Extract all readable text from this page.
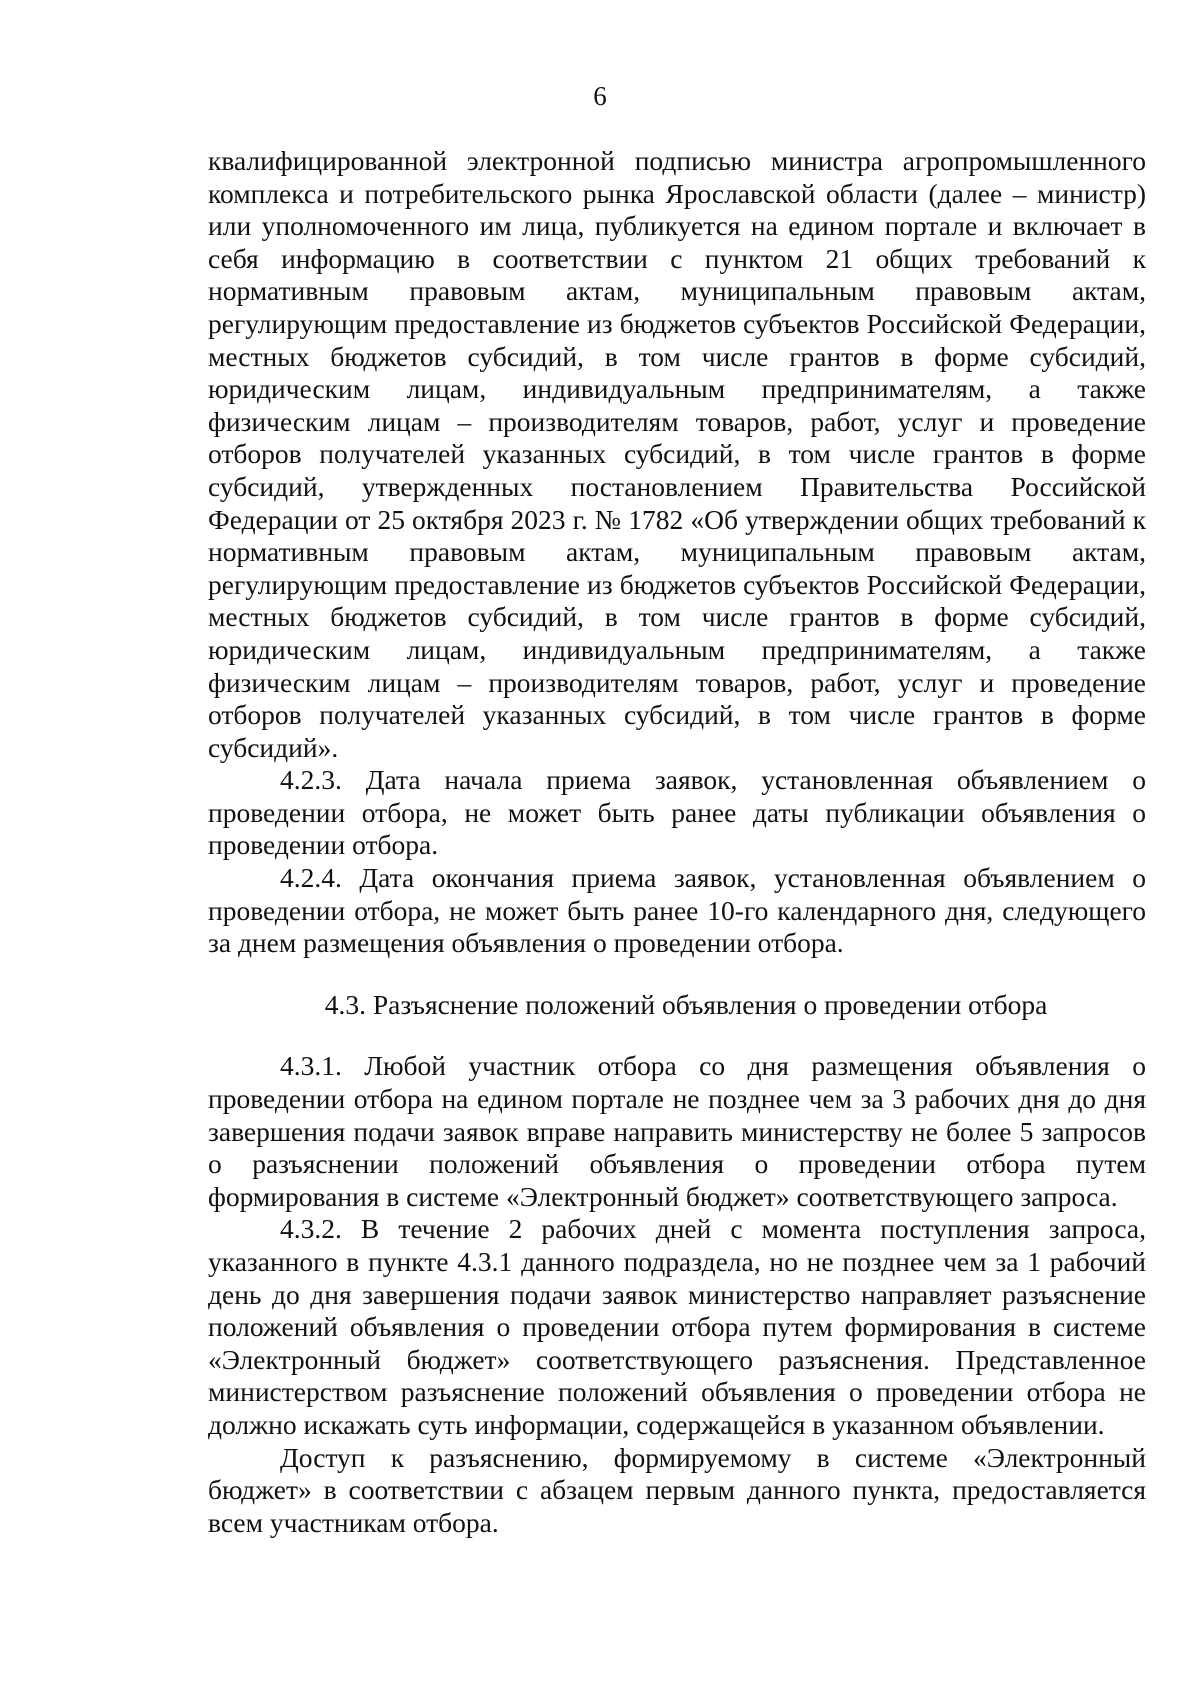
6

квалифицированной электронной подписью министра агропромышленного комплекса и потребительского рынка Ярославской области (далее – министр) или уполномоченного им лица, публикуется на едином портале и включает в себя информацию в соответствии с пунктом 21 общих требований к нормативным правовым актам, муниципальным правовым актам, регулирующим предоставление из бюджетов субъектов Российской Федерации, местных бюджетов субсидий, в том числе грантов в форме субсидий, юридическим лицам, индивидуальным предпринимателям, а также физическим лицам – производителям товаров, работ, услуг и проведение отборов получателей указанных субсидий, в том числе грантов в форме субсидий, утвержденных постановлением Правительства Российской Федерации от 25 октября 2023 г. № 1782 «Об утверждении общих требований к нормативным правовым актам, муниципальным правовым актам, регулирующим предоставление из бюджетов субъектов Российской Федерации, местных бюджетов субсидий, в том числе грантов в форме субсидий, юридическим лицам, индивидуальным предпринимателям, а также физическим лицам – производителям товаров, работ, услуг и проведение отборов получателей указанных субсидий, в том числе грантов в форме субсидий».

4.2.3. Дата начала приема заявок, установленная объявлением о проведении отбора, не может быть ранее даты публикации объявления о проведении отбора.

4.2.4. Дата окончания приема заявок, установленная объявлением о проведении отбора, не может быть ранее 10-го календарного дня, следующего за днем размещения объявления о проведении отбора.

4.3. Разъяснение положений объявления о проведении отбора

4.3.1. Любой участник отбора со дня размещения объявления о проведении отбора на едином портале не позднее чем за 3 рабочих дня до дня завершения подачи заявок вправе направить министерству не более 5 запросов о разъяснении положений объявления о проведении отбора путем формирования в системе «Электронный бюджет» соответствующего запроса.

4.3.2. В течение 2 рабочих дней с момента поступления запроса, указанного в пункте 4.3.1 данного подраздела, но не позднее чем за 1 рабочий день до дня завершения подачи заявок министерство направляет разъяснение положений объявления о проведении отбора путем формирования в системе «Электронный бюджет» соответствующего разъяснения. Представленное министерством разъяснение положений объявления о проведении отбора не должно искажать суть информации, содержащейся в указанном объявлении.

Доступ к разъяснению, формируемому в системе «Электронный бюджет» в соответствии с абзацем первым данного пункта, предоставляется всем участникам отбора.
